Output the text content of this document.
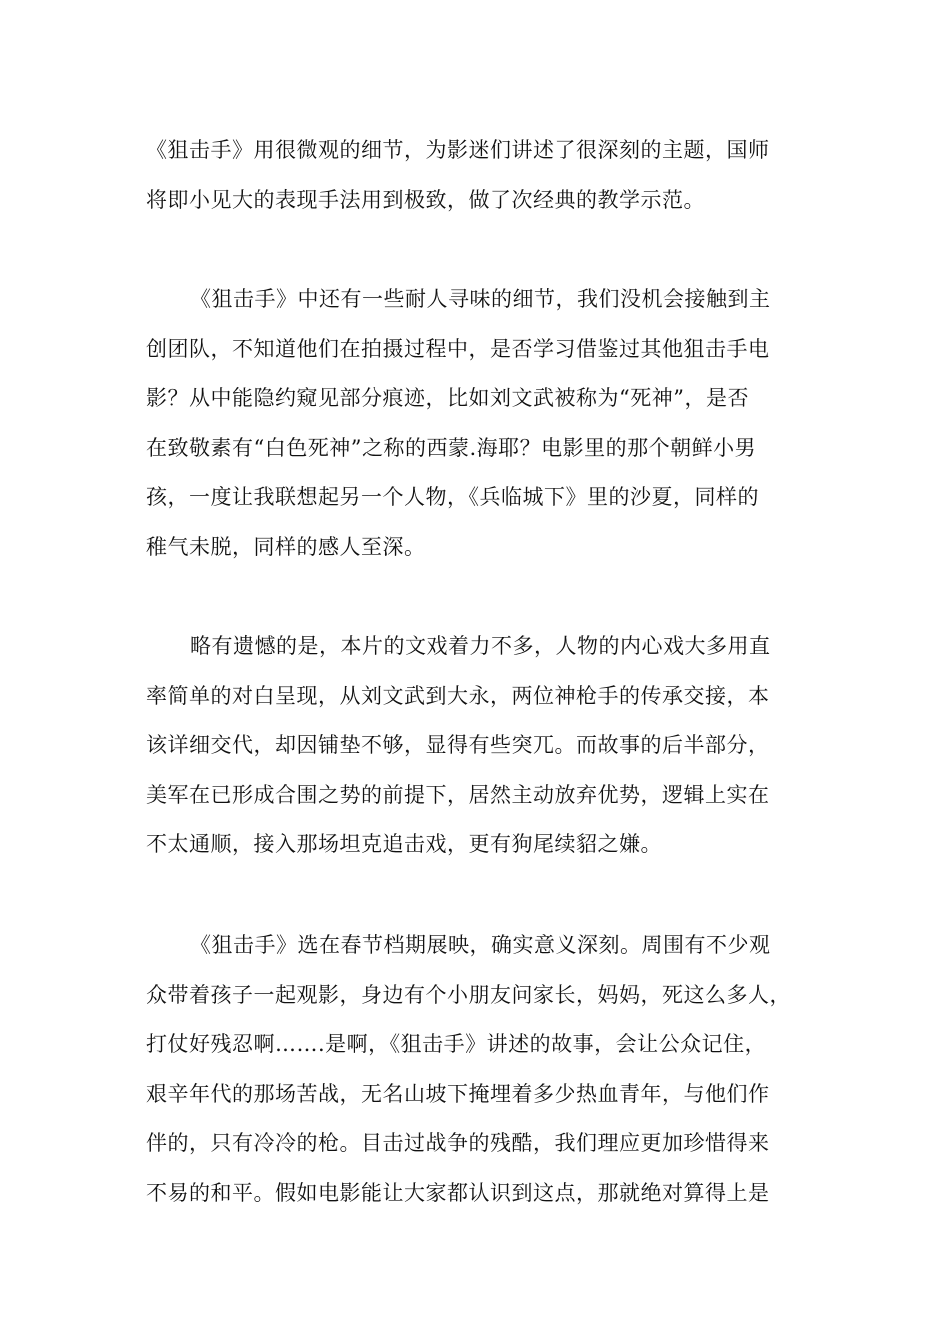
《狙击手》用很微观的细节，为影迷们讲述了很深刻的主题，国师
将即小见大的表现手法用到极致，做了次经典的教学示范。
《狙击手》中还有一些耐人寻味的细节，我们没机会接触到主
创团队，不知道他们在拍摄过程中，是否学习借鉴过其他狙击手电
影？从中能隐约窥见部分痕迹，比如刘文武被称为“死神”，是否
在致敬素有“白色死神”之称的西蒙.海耶？电影里的那个朝鲜小男
孩，一度让我联想起另一个人物，《兵临城下》里的沙夏，同样的
稚气未脱，同样的感人至深。
略有遗憾的是，本片的文戏着力不多，人物的内心戏大多用直
率简单的对白呈现，从刘文武到大永，两位神枪手的传承交接，本
该详细交代，却因铺垫不够，显得有些突兀。而故事的后半部分，
美军在已形成合围之势的前提下，居然主动放弃优势，逻辑上实在
不太通顺，接入那场坦克追击戏，更有狗尾续貂之嫌。
《狙击手》选在春节档期展映，确实意义深刻。周围有不少观
众带着孩子一起观影，身边有个小朋友问家长，妈妈，死这么多人，
打仗好残忍啊…….是啊，《狙击手》讲述的故事，会让公众记住，
艰辛年代的那场苦战，无名山坡下掩埋着多少热血青年，与他们作
伴的，只有冷冷的枪。目击过战争的残酷，我们理应更加珍惜得来
不易的和平。假如电影能让大家都认识到这点，那就绝对算得上是
